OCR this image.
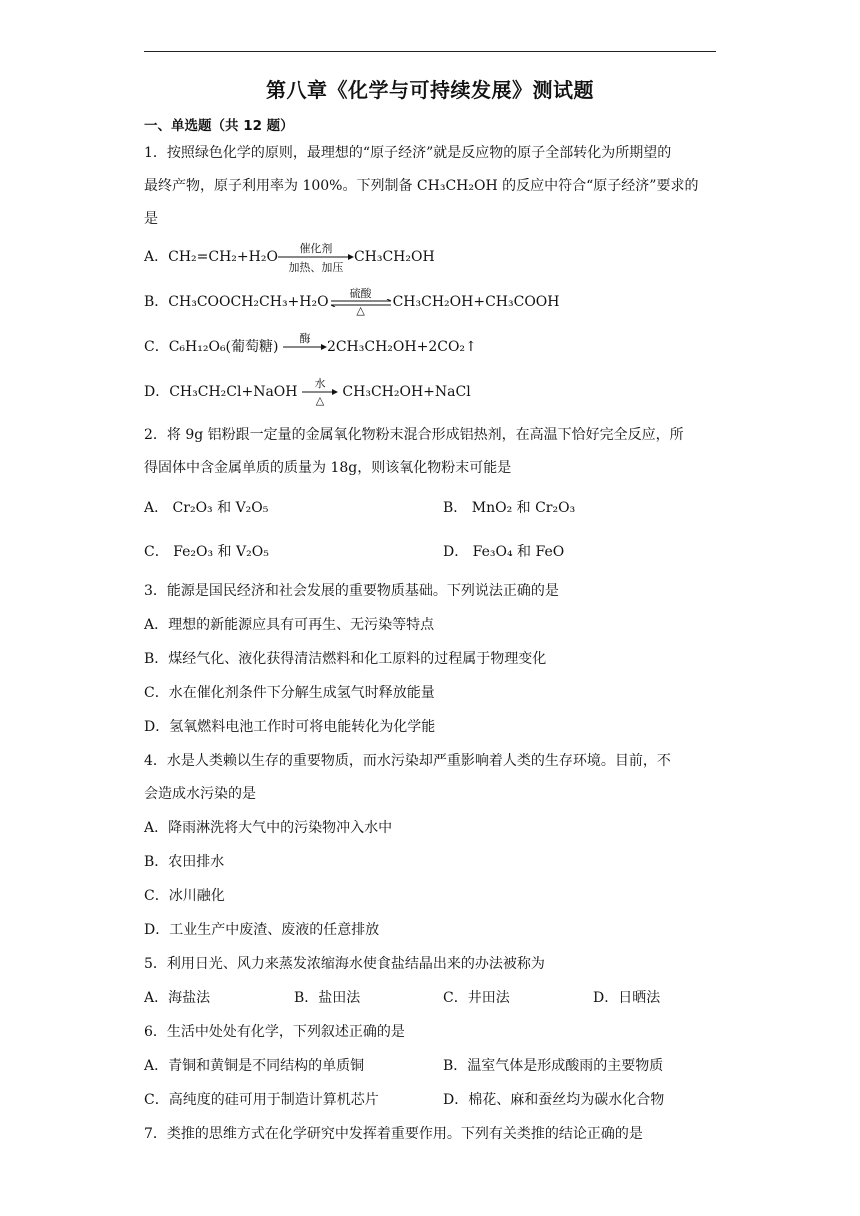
第八章《化学与可持续发展》测试题
一、单选题（共 12 题）
1．按照绿色化学的原则，最理想的“原子经济”就是反应物的原子全部转化为所期望的
最终产物，原子利用率为 100%。下列制备 CH₃CH₂OH 的反应中符合“原子经济”要求的
是
A．CH₂=CH₂+H₂O
催化剂
加热、加压
CH₃CH₂OH
B．CH₃COOCH₂CH₃+H₂O
硫酸
△
CH₃CH₂OH+CH₃COOH
C．C₆H₁₂O₆(葡萄糖)
酶
2CH₃CH₂OH+2CO₂↑
D．CH₃CH₂Cl+NaOH
水
△
CH₃CH₂OH+NaCl
2．将 9g 铝粉跟一定量的金属氧化物粉末混合形成铝热剂，在高温下恰好完全反应，所
得固体中含金属单质的质量为 18g，则该氧化物粉末可能是
A． Cr₂O₃ 和 V₂O₅	B． MnO₂ 和 Cr₂O₃
C． Fe₂O₃ 和 V₂O₅	D． Fe₃O₄ 和 FeO
3．能源是国民经济和社会发展的重要物质基础。下列说法正确的是
A．理想的新能源应具有可再生、无污染等特点
B．煤经气化、液化获得清洁燃料和化工原料的过程属于物理变化
C．水在催化剂条件下分解生成氢气时释放能量
D．氢氧燃料电池工作时可将电能转化为化学能
4．水是人类赖以生存的重要物质，而水污染却严重影响着人类的生存环境。目前，不
会造成水污染的是
A．降雨淋洗将大气中的污染物冲入水中
B．农田排水
C．冰川融化
D．工业生产中废渣、废液的任意排放
5．利用日光、风力来蒸发浓缩海水使食盐结晶出来的办法被称为
A．海盐法	B．盐田法	C．井田法	D．日晒法
6．生活中处处有化学，下列叙述正确的是
A．青铜和黄铜是不同结构的单质铜	B．温室气体是形成酸雨的主要物质
C．高纯度的硅可用于制造计算机芯片	D．棉花、麻和蚕丝均为碳水化合物
7．类推的思维方式在化学研究中发挥着重要作用。下列有关类推的结论正确的是
